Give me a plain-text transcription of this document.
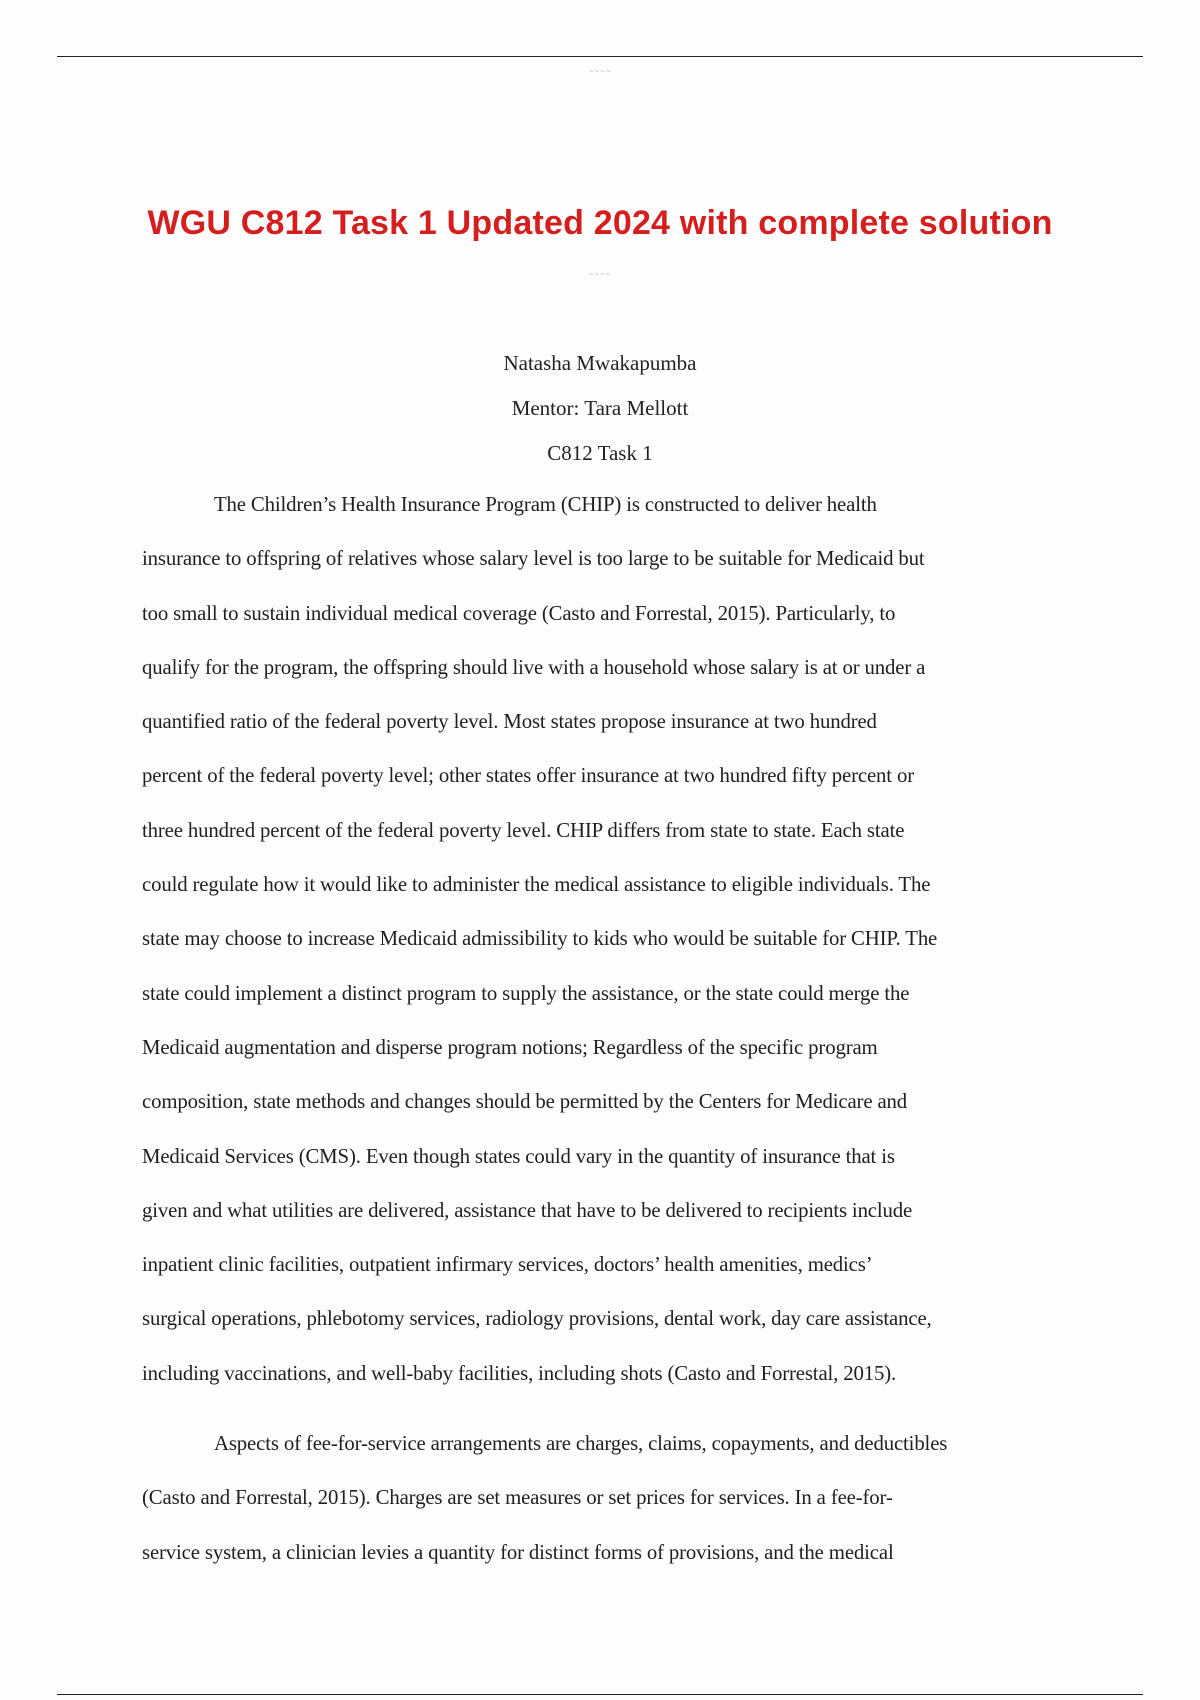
~~~~
WGU C812 Task 1 Updated 2024 with complete solution
~~~~
Natasha Mwakapumba
Mentor: Tara Mellott
C812 Task 1
The Children’s Health Insurance Program (CHIP) is constructed to deliver health
insurance to offspring of relatives whose salary level is too large to be suitable for Medicaid but
too small to sustain individual medical coverage (Casto and Forrestal, 2015). Particularly, to
qualify for the program, the offspring should live with a household whose salary is at or under a
quantified ratio of the federal poverty level. Most states propose insurance at two hundred
percent of the federal poverty level; other states offer insurance at two hundred fifty percent or
three hundred percent of the federal poverty level. CHIP differs from state to state. Each state
could regulate how it would like to administer the medical assistance to eligible individuals. The
state may choose to increase Medicaid admissibility to kids who would be suitable for CHIP. The
state could implement a distinct program to supply the assistance, or the state could merge the
Medicaid augmentation and disperse program notions; Regardless of the specific program
composition, state methods and changes should be permitted by the Centers for Medicare and
Medicaid Services (CMS). Even though states could vary in the quantity of insurance that is
given and what utilities are delivered, assistance that have to be delivered to recipients include
inpatient clinic facilities, outpatient infirmary services, doctors’ health amenities, medics’
surgical operations, phlebotomy services, radiology provisions, dental work, day care assistance,
including vaccinations, and well-baby facilities, including shots (Casto and Forrestal, 2015).
Aspects of fee-for-service arrangements are charges, claims, copayments, and deductibles
(Casto and Forrestal, 2015). Charges are set measures or set prices for services. In a fee-for-
service system, a clinician levies a quantity for distinct forms of provisions, and the medical
